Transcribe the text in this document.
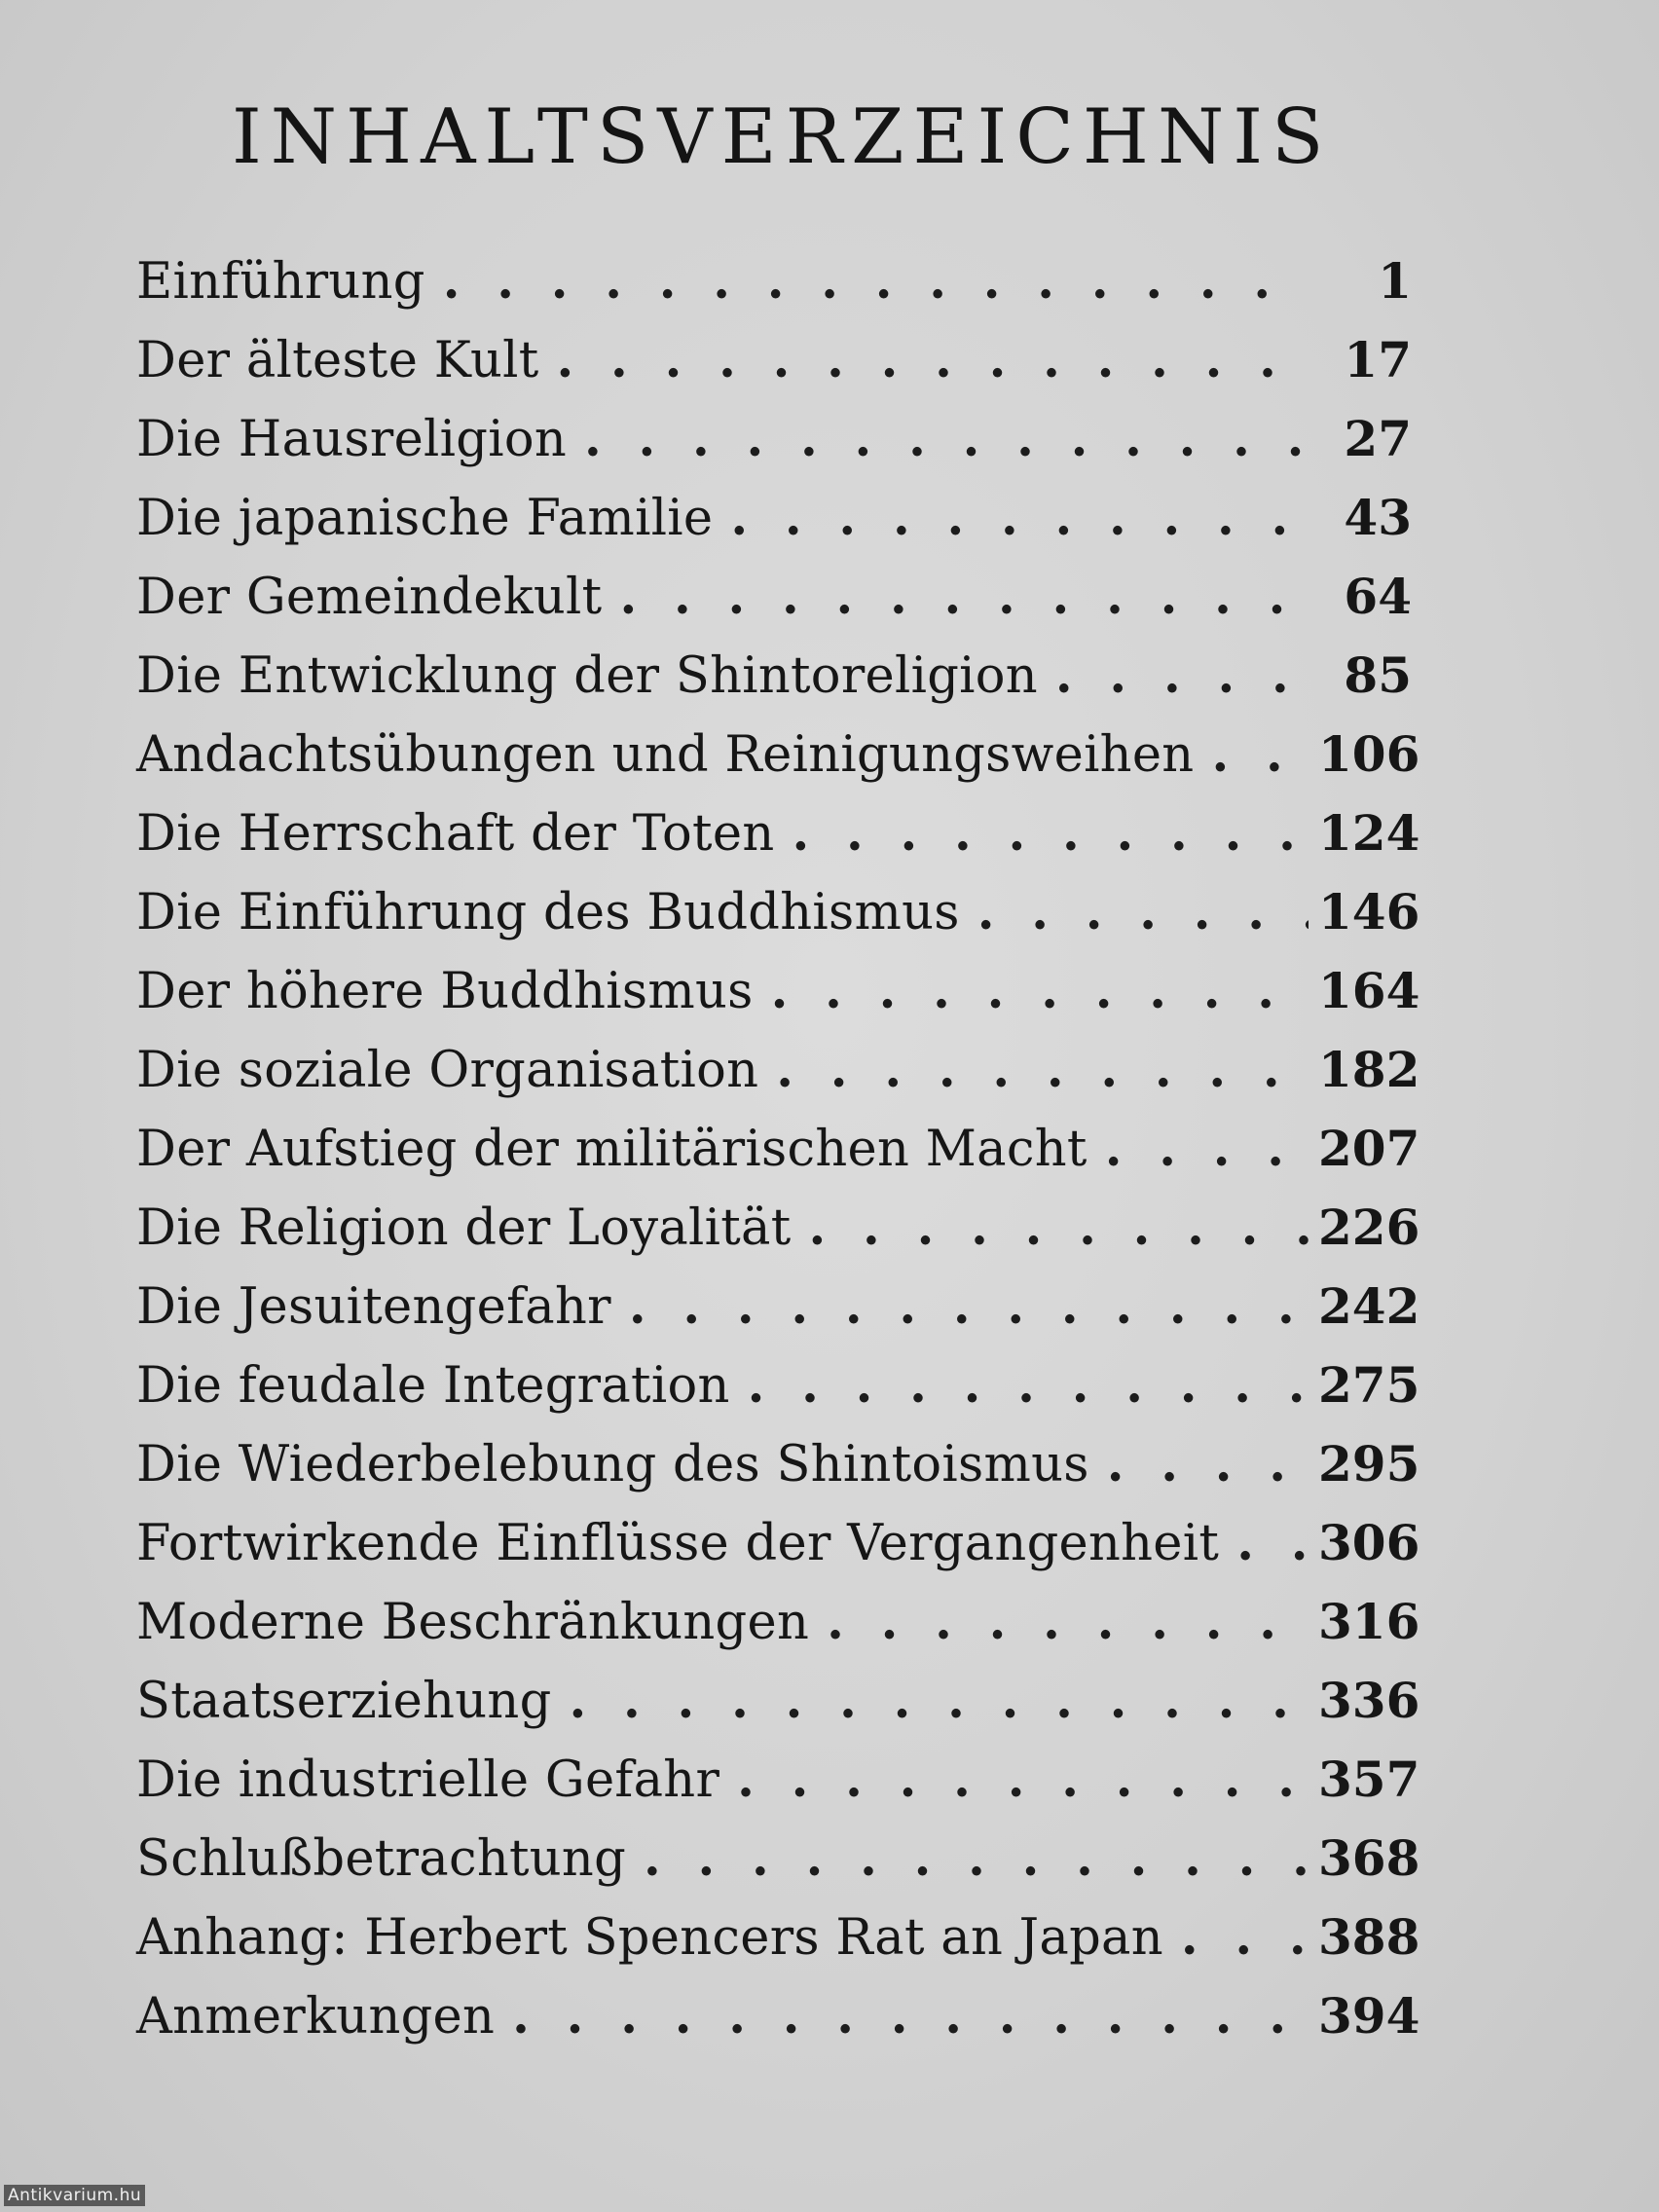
INHALTSVERZEICHNIS
Einführung . . .	1
Der älteste Kult . . .	17
Die Hausreligion . . .	27
Die japanische Familie . . .	43
Der Gemeindekult . . .	64
Die Entwicklung der Shintoreligion . . .	85
Andachtsübungen und Reinigungsweihen . . .	106
Die Herrschaft der Toten . . .	124
Die Einführung des Buddhismus . . .	146
Der höhere Buddhismus . . .	164
Die soziale Organisation . . .	182
Der Aufstieg der militärischen Macht . . .	207
Die Religion der Loyalität . . .	226
Die Jesuitengefahr . . .	242
Die feudale Integration . . .	275
Die Wiederbelebung des Shintoismus . . .	295
Fortwirkende Einflüsse der Vergangenheit . . . 306
Moderne Beschränkungen . . .	316
Staatserziehung . . .	336
Die industrielle Gefahr . . .	357
Schlußbetrachtung . . .	368
Anhang: Herbert Spencers Rat an Japan . . .	388
Anmerkungen . . .	394
Antikvarium.hu
